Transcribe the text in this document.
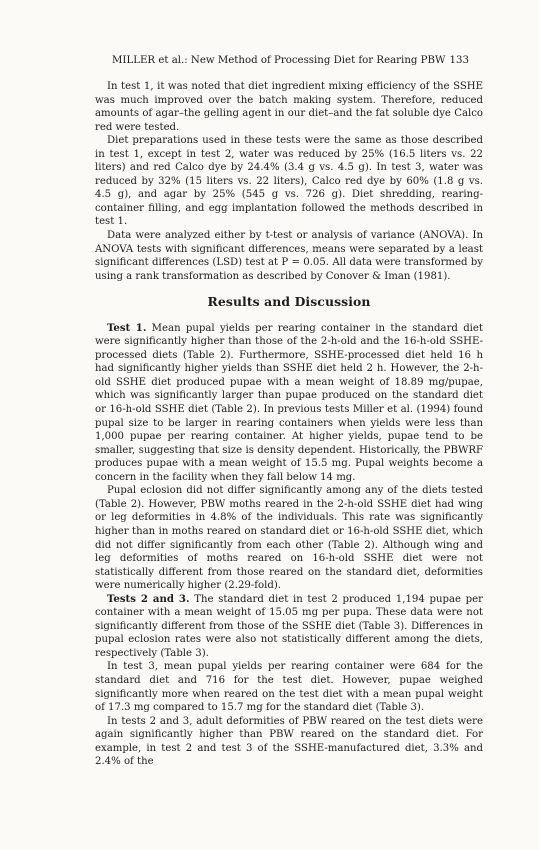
MILLER et al.: New Method of Processing Diet for Rearing PBW 133

In test 1, it was noted that diet ingredient mixing efficiency of the SSHE was much improved over the batch making system. Therefore, reduced amounts of agar–the gelling agent in our diet–and the fat soluble dye Calco red were tested.

Diet preparations used in these tests were the same as those described in test 1, except in test 2, water was reduced by 25% (16.5 liters vs. 22 liters) and red Calco dye by 24.4% (3.4 g vs. 4.5 g). In test 3, water was reduced by 32% (15 liters vs. 22 liters), Calco red dye by 60% (1.8 g vs. 4.5 g), and agar by 25% (545 g vs. 726 g). Diet shredding, rearing-container filling, and egg implantation followed the methods described in test 1.

Data were analyzed either by t-test or analysis of variance (ANOVA). In ANOVA tests with significant differences, means were separated by a least significant differences (LSD) test at P = 0.05. All data were transformed by using a rank transformation as described by Conover & Iman (1981).

Results and Discussion

Test 1. Mean pupal yields per rearing container in the standard diet were significantly higher than those of the 2-h-old and the 16-h-old SSHE-processed diets (Table 2). Furthermore, SSHE-processed diet held 16 h had significantly higher yields than SSHE diet held 2 h. However, the 2-h-old SSHE diet produced pupae with a mean weight of 18.89 mg/pupae, which was significantly larger than pupae produced on the standard diet or 16-h-old SSHE diet (Table 2). In previous tests Miller et al. (1994) found pupal size to be larger in rearing containers when yields were less than 1,000 pupae per rearing container. At higher yields, pupae tend to be smaller, suggesting that size is density dependent. Historically, the PBWRF produces pupae with a mean weight of 15.5 mg. Pupal weights become a concern in the facility when they fall below 14 mg.

Pupal eclosion did not differ significantly among any of the diets tested (Table 2). However, PBW moths reared in the 2-h-old SSHE diet had wing or leg deformities in 4.8% of the individuals. This rate was significantly higher than in moths reared on standard diet or 16-h-old SSHE diet, which did not differ significantly from each other (Table 2). Although wing and leg deformities of moths reared on 16-h-old SSHE diet were not statistically different from those reared on the standard diet, deformities were numerically higher (2.29-fold).

Tests 2 and 3. The standard diet in test 2 produced 1,194 pupae per container with a mean weight of 15.05 mg per pupa. These data were not significantly different from those of the SSHE diet (Table 3). Differences in pupal eclosion rates were also not statistically different among the diets, respectively (Table 3).

In test 3, mean pupal yields per rearing container were 684 for the standard diet and 716 for the test diet. However, pupae weighed significantly more when reared on the test diet with a mean pupal weight of 17.3 mg compared to 15.7 mg for the standard diet (Table 3).

In tests 2 and 3, adult deformities of PBW reared on the test diets were again significantly higher than PBW reared on the standard diet. For example, in test 2 and test 3 of the SSHE-manufactured diet, 3.3% and 2.4% of the
